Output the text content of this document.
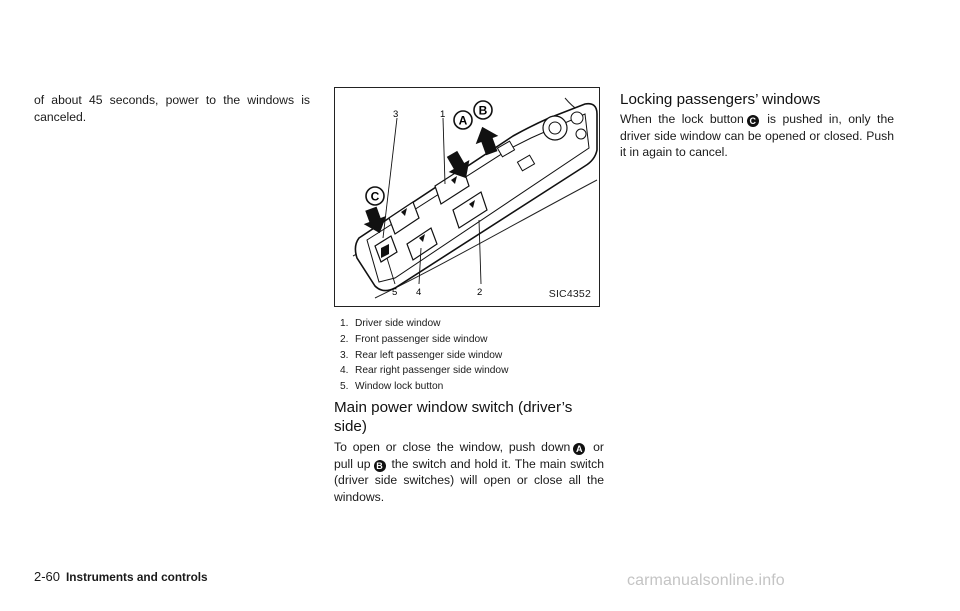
of about 45 seconds, power to the windows is canceled.	3	1
5 4	2
A
B
C
SIC4352
1. Driver side window
2. Front passenger side window
3. Rear left passenger side window
4. Rear right passenger side window
5. Window lock button
Main power window switch (driver’s side)

To open or close the window, push down A or pull up B the switch and hold it. The main switch (driver side switches) will open or close all the windows.

Locking passengers’ windows

When the lock button C is pushed in, only the driver side window can be opened or closed. Push it in again to cancel.

2-60 Instruments and controls	carmanualsonline.info
